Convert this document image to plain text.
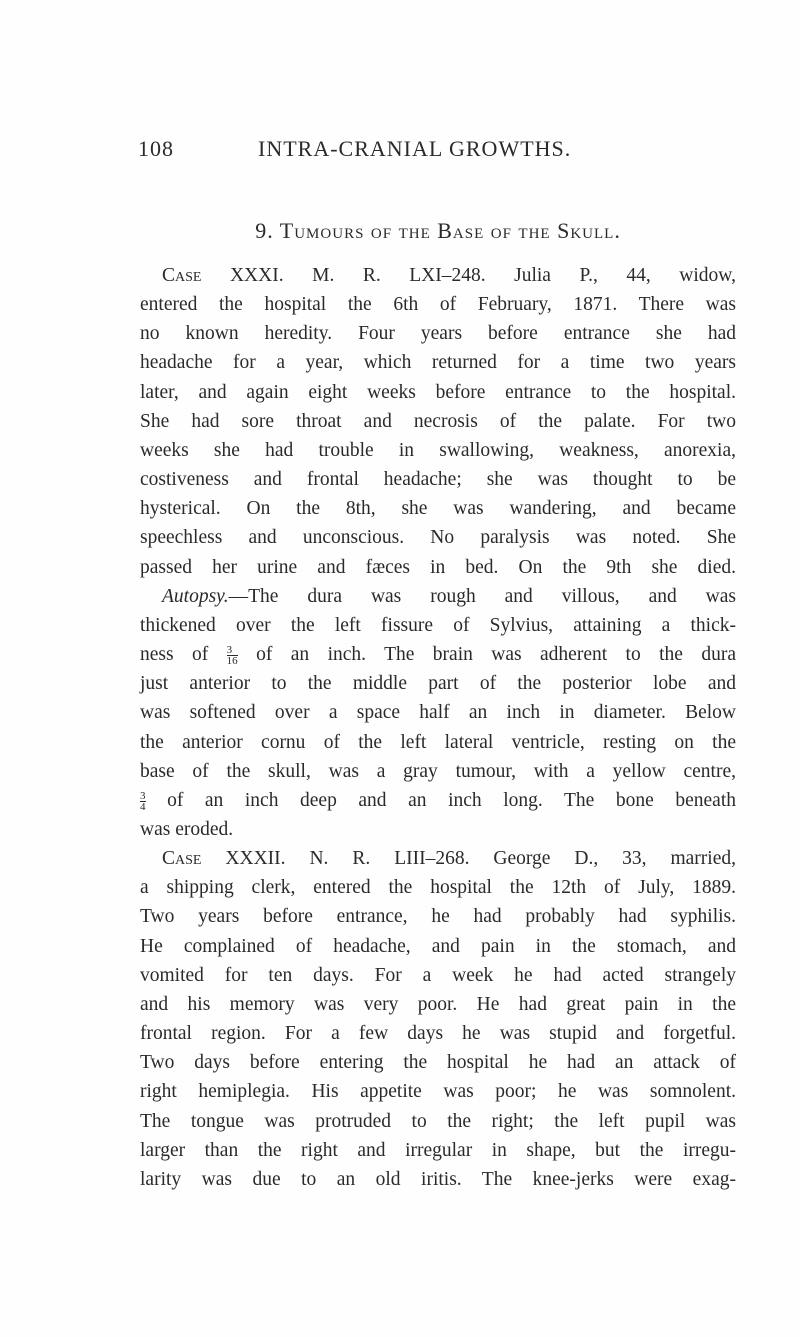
108	INTRA-CRANIAL GROWTHS.
9. Tumours of the Base of the Skull.
Case XXXI. M. R. LXI–248. Julia P., 44, widow,
entered the hospital the 6th of February, 1871. There was
no known heredity. Four years before entrance she had
headache for a year, which returned for a time two years
later, and again eight weeks before entrance to the hospital.
She had sore throat and necrosis of the palate. For two
weeks she had trouble in swallowing, weakness, anorexia,
costiveness and frontal headache; she was thought to be
hysterical. On the 8th, she was wandering, and became
speechless and unconscious. No paralysis was noted. She
passed her urine and fæces in bed. On the 9th she died.
Autopsy.—The dura was rough and villous, and was
thickened over the left fissure of Sylvius, attaining a thick-
ness of $\frac{3}{16}$ of an inch. The brain was adherent to the dura
just anterior to the middle part of the posterior lobe and
was softened over a space half an inch in diameter. Below
the anterior cornu of the left lateral ventricle, resting on the
base of the skull, was a gray tumour, with a yellow centre,
$\frac{3}{4}$ of an inch deep and an inch long. The bone beneath
was eroded.
Case XXXII. N. R. LIII–268. George D., 33, married,
a shipping clerk, entered the hospital the 12th of July, 1889.
Two years before entrance, he had probably had syphilis.
He complained of headache, and pain in the stomach, and
vomited for ten days. For a week he had acted strangely
and his memory was very poor. He had great pain in the
frontal region. For a few days he was stupid and forgetful.
Two days before entering the hospital he had an attack of
right hemiplegia. His appetite was poor; he was somnolent.
The tongue was protruded to the right; the left pupil was
larger than the right and irregular in shape, but the irregu-
larity was due to an old iritis. The knee-jerks were exag-
